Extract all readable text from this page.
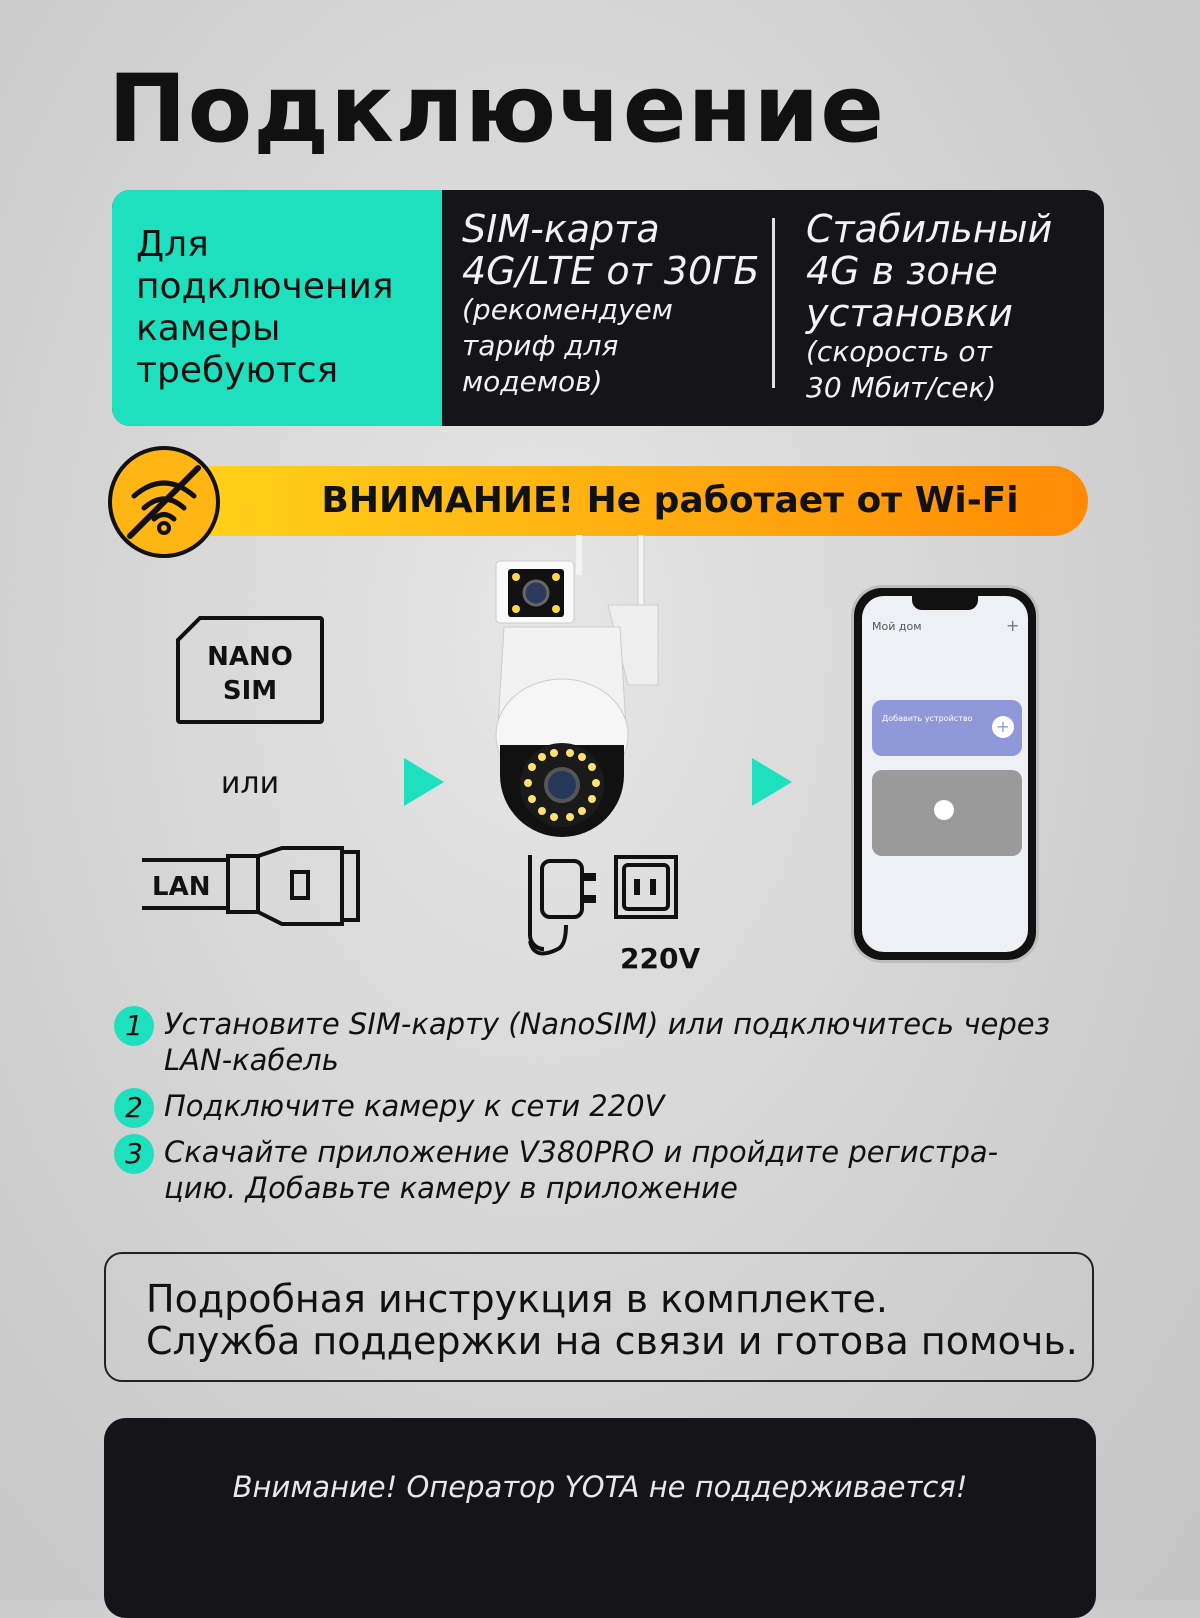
Подключение
Для
подключения
камеры
требуются
SIM-карта
4G/LTE от 30ГБ
(рекомендуем
тариф для
модемов)
Стабильный
4G в зоне
установки
(скорость от
30 Мбит/сек)
ВНИМАНИЕ! Не работает от Wi-Fi
NANO
SIM
или
LAN
220V
Мой дом	+
Добавить устройство +
1 Установите SIM-карту (NanoSIM) или подключитесь через LAN-кабель
2 Подключите камеру к сети 220V
3 Скачайте приложение V380PRO и пройдите регистра-цию. Добавьте камеру в приложение
Подробная инструкция в комплекте.
Служба поддержки на связи и готова помочь.
Внимание! Оператор YOTA не поддерживается!
